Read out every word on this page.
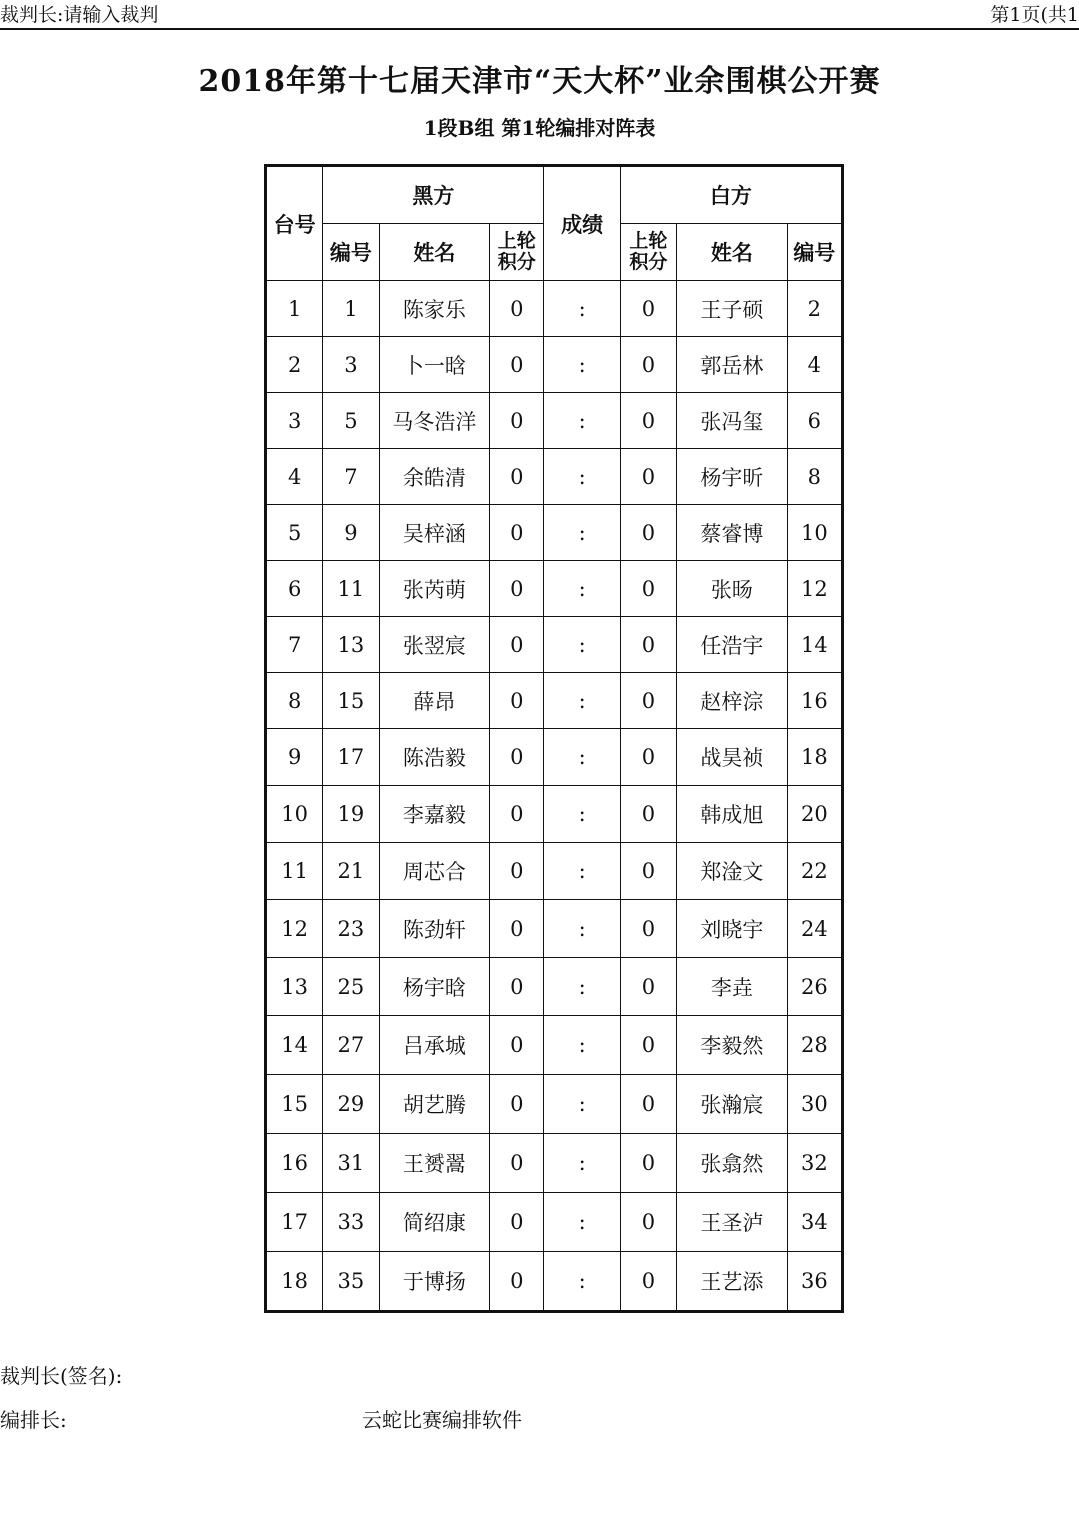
裁判长:请输入裁判	第1页(共1
2018年第十七届天津市“天大杯”业余围棋公开赛
1段B组 第1轮编排对阵表
台号	黑方			成绩	白方		
	编号	姓名	上轮积分		上轮积分	姓名	编号
1	1	陈家乐	0	:	0	王子硕	2
2	3	卜一晗	0	:	0	郭岳林	4
3	5	马冬浩洋	0	:	0	张冯玺	6
4	7	余皓清	0	:	0	杨宇昕	8
5	9	吴梓涵	0	:	0	蔡睿博	10
6	11	张芮萌	0	:	0	张旸	12
7	13	张翌宸	0	:	0	任浩宇	14
8	15	薛昂	0	:	0	赵梓淙	16
9	17	陈浩毅	0	:	0	战昊祯	18
10	19	李嘉毅	0	:	0	韩成旭	20
11	21	周芯合	0	:	0	郑淦文	22
12	23	陈劲轩	0	:	0	刘晓宇	24
13	25	杨宇晗	0	:	0	李垚	26
14	27	吕承城	0	:	0	李毅然	28
15	29	胡艺腾	0	:	0	张瀚宸	30
16	31	王赟翯	0	:	0	张翕然	32
17	33	简绍康	0	:	0	王圣泸	34
18	35	于博扬	0	:	0	王艺添	36
裁判长(签名):
编排长:	云蛇比赛编排软件
